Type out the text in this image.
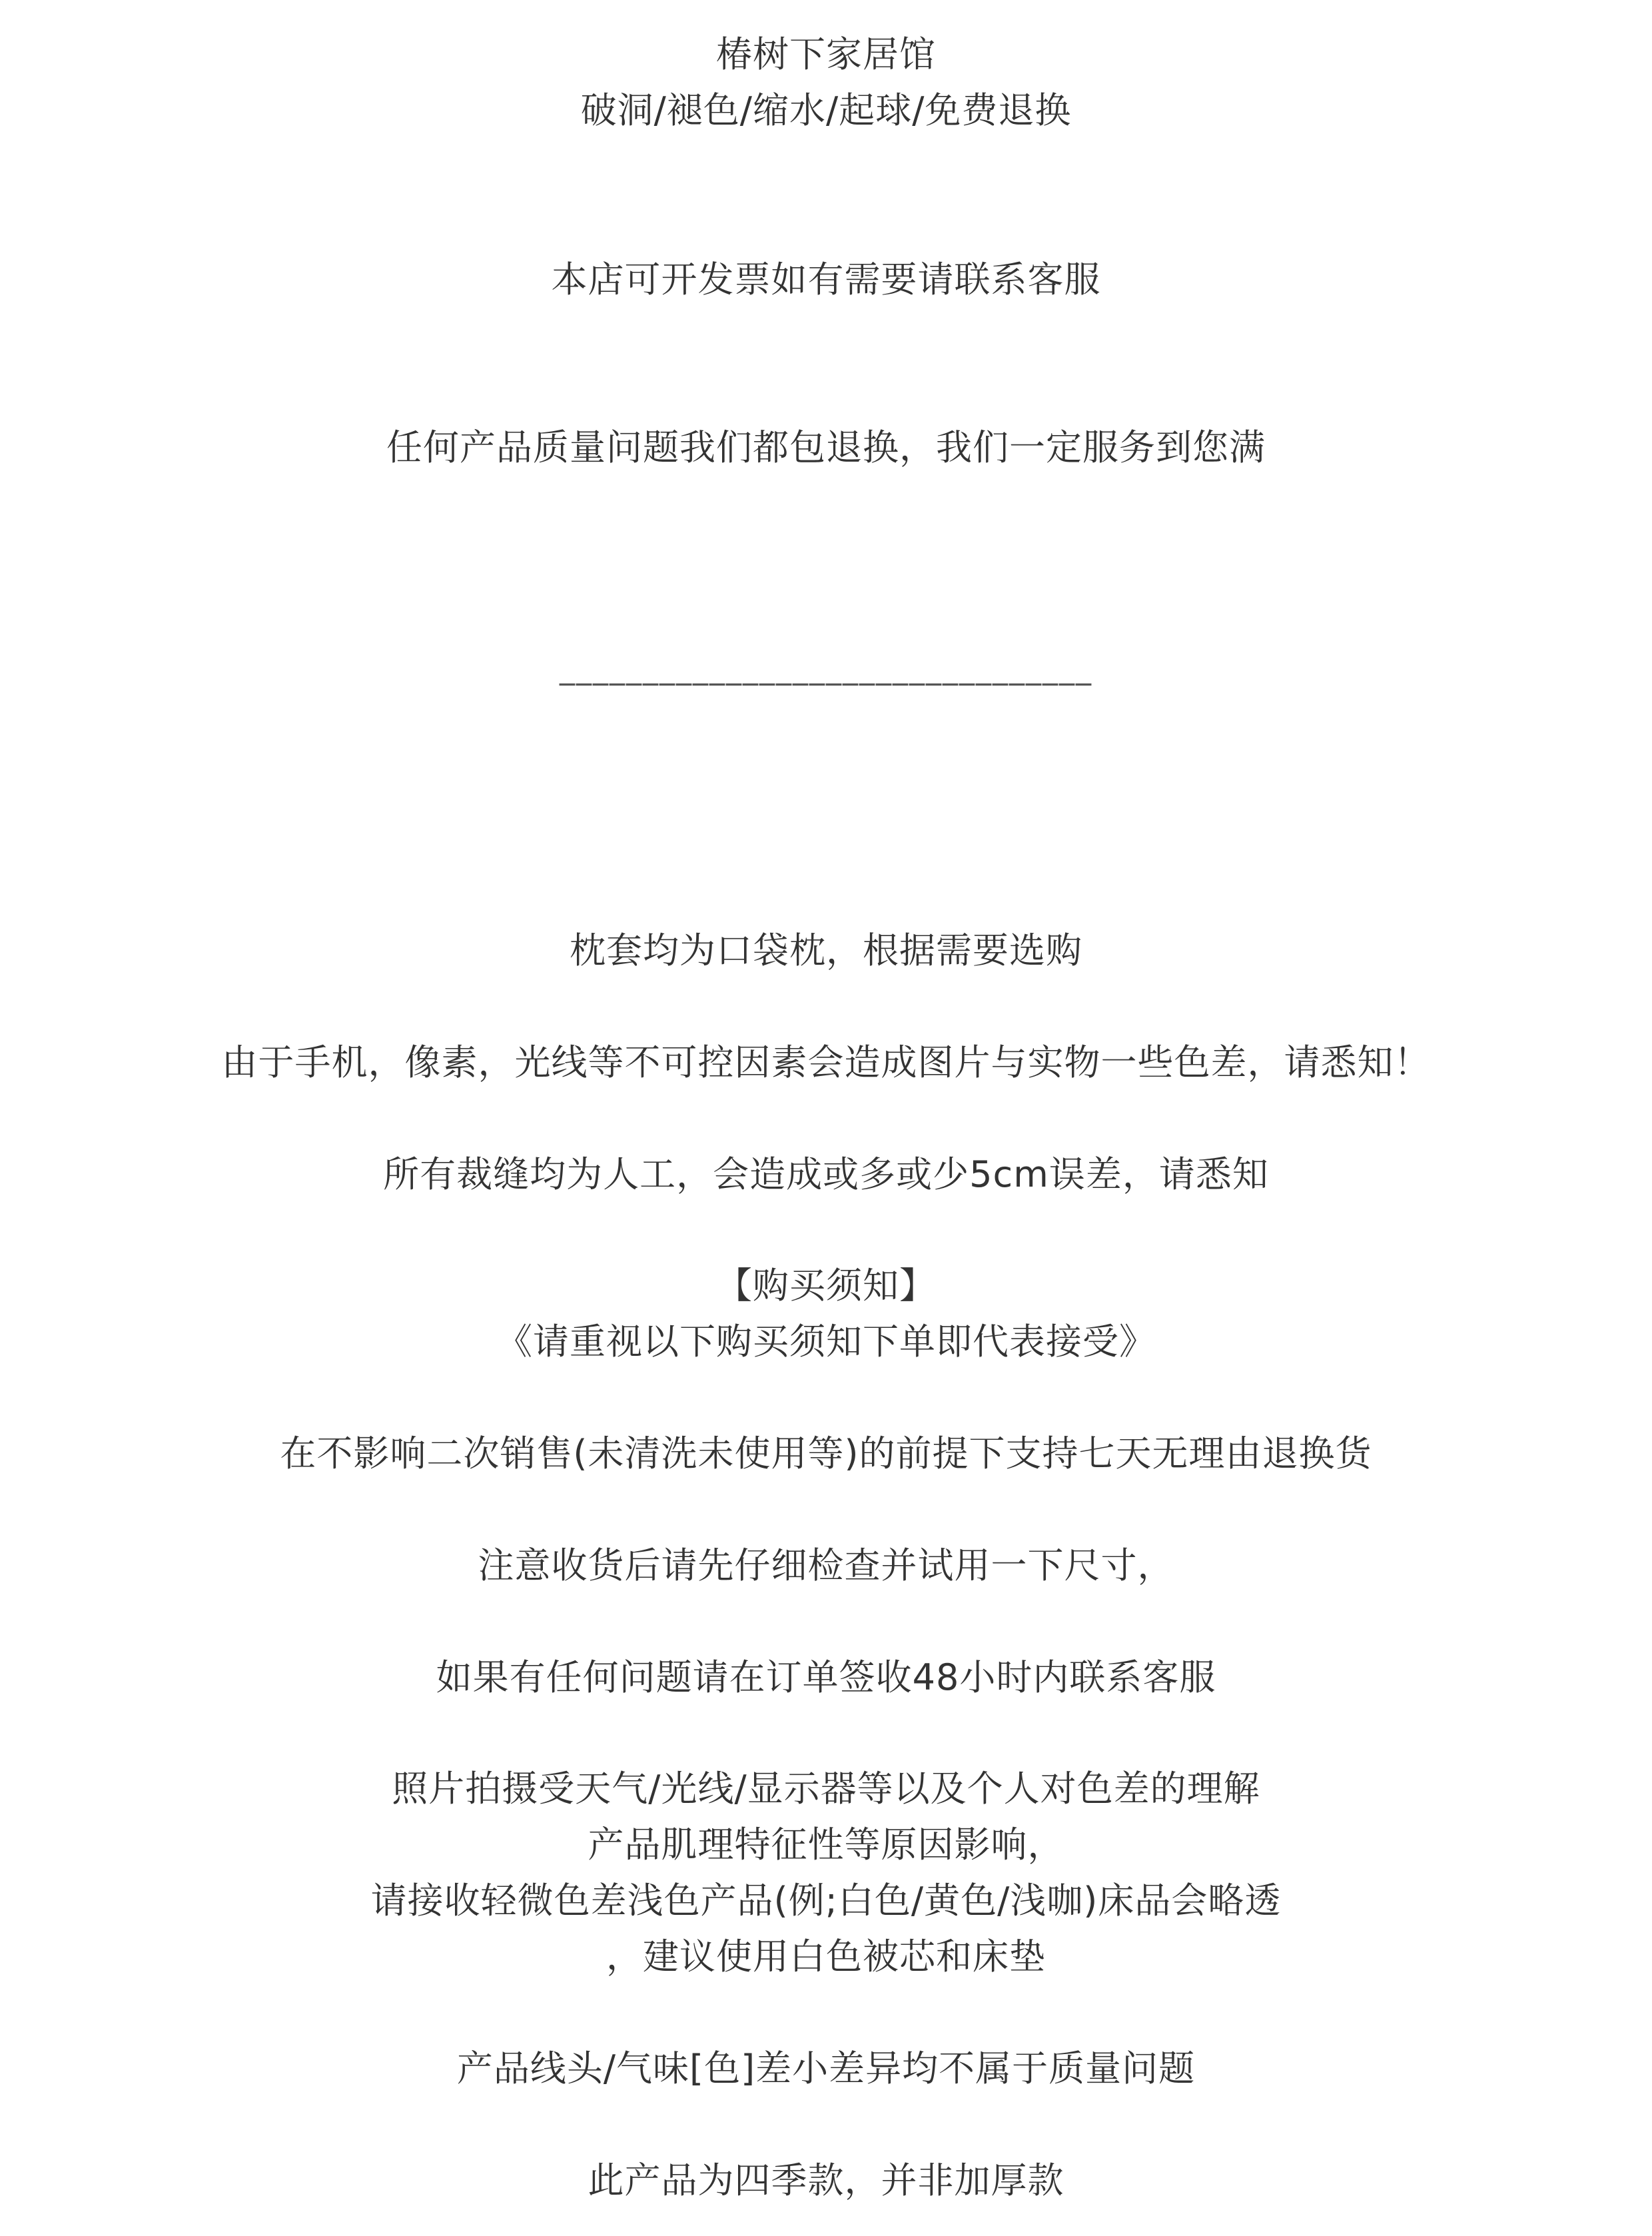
椿树下家居馆
破洞/褪色/缩水/起球/免费退换
本店可开发票如有需要请联系客服
任何产品质量问题我们都包退换，我们一定服务到您满
________________________________
枕套均为口袋枕，根据需要选购
由于手机，像素，光线等不可控因素会造成图片与实物一些色差，请悉知！
所有裁缝均为人工，会造成或多或少5cm误差，请悉知
【购买须知】
《请重视以下购买须知下单即代表接受》
在不影响二次销售(未清洗未使用等)的前提下支持七天无理由退换货
注意收货后请先仔细检查并试用一下尺寸，
如果有任何问题请在订单签收48小时内联系客服
照片拍摄受天气/光线/显示器等以及个人对色差的理解
产品肌理特征性等原因影响，
请接收轻微色差浅色产品(例;白色/黄色/浅咖)床品会略透
，建议使用白色被芯和床垫
产品线头/气味[色]差小差异均不属于质量问题
此产品为四季款，并非加厚款
